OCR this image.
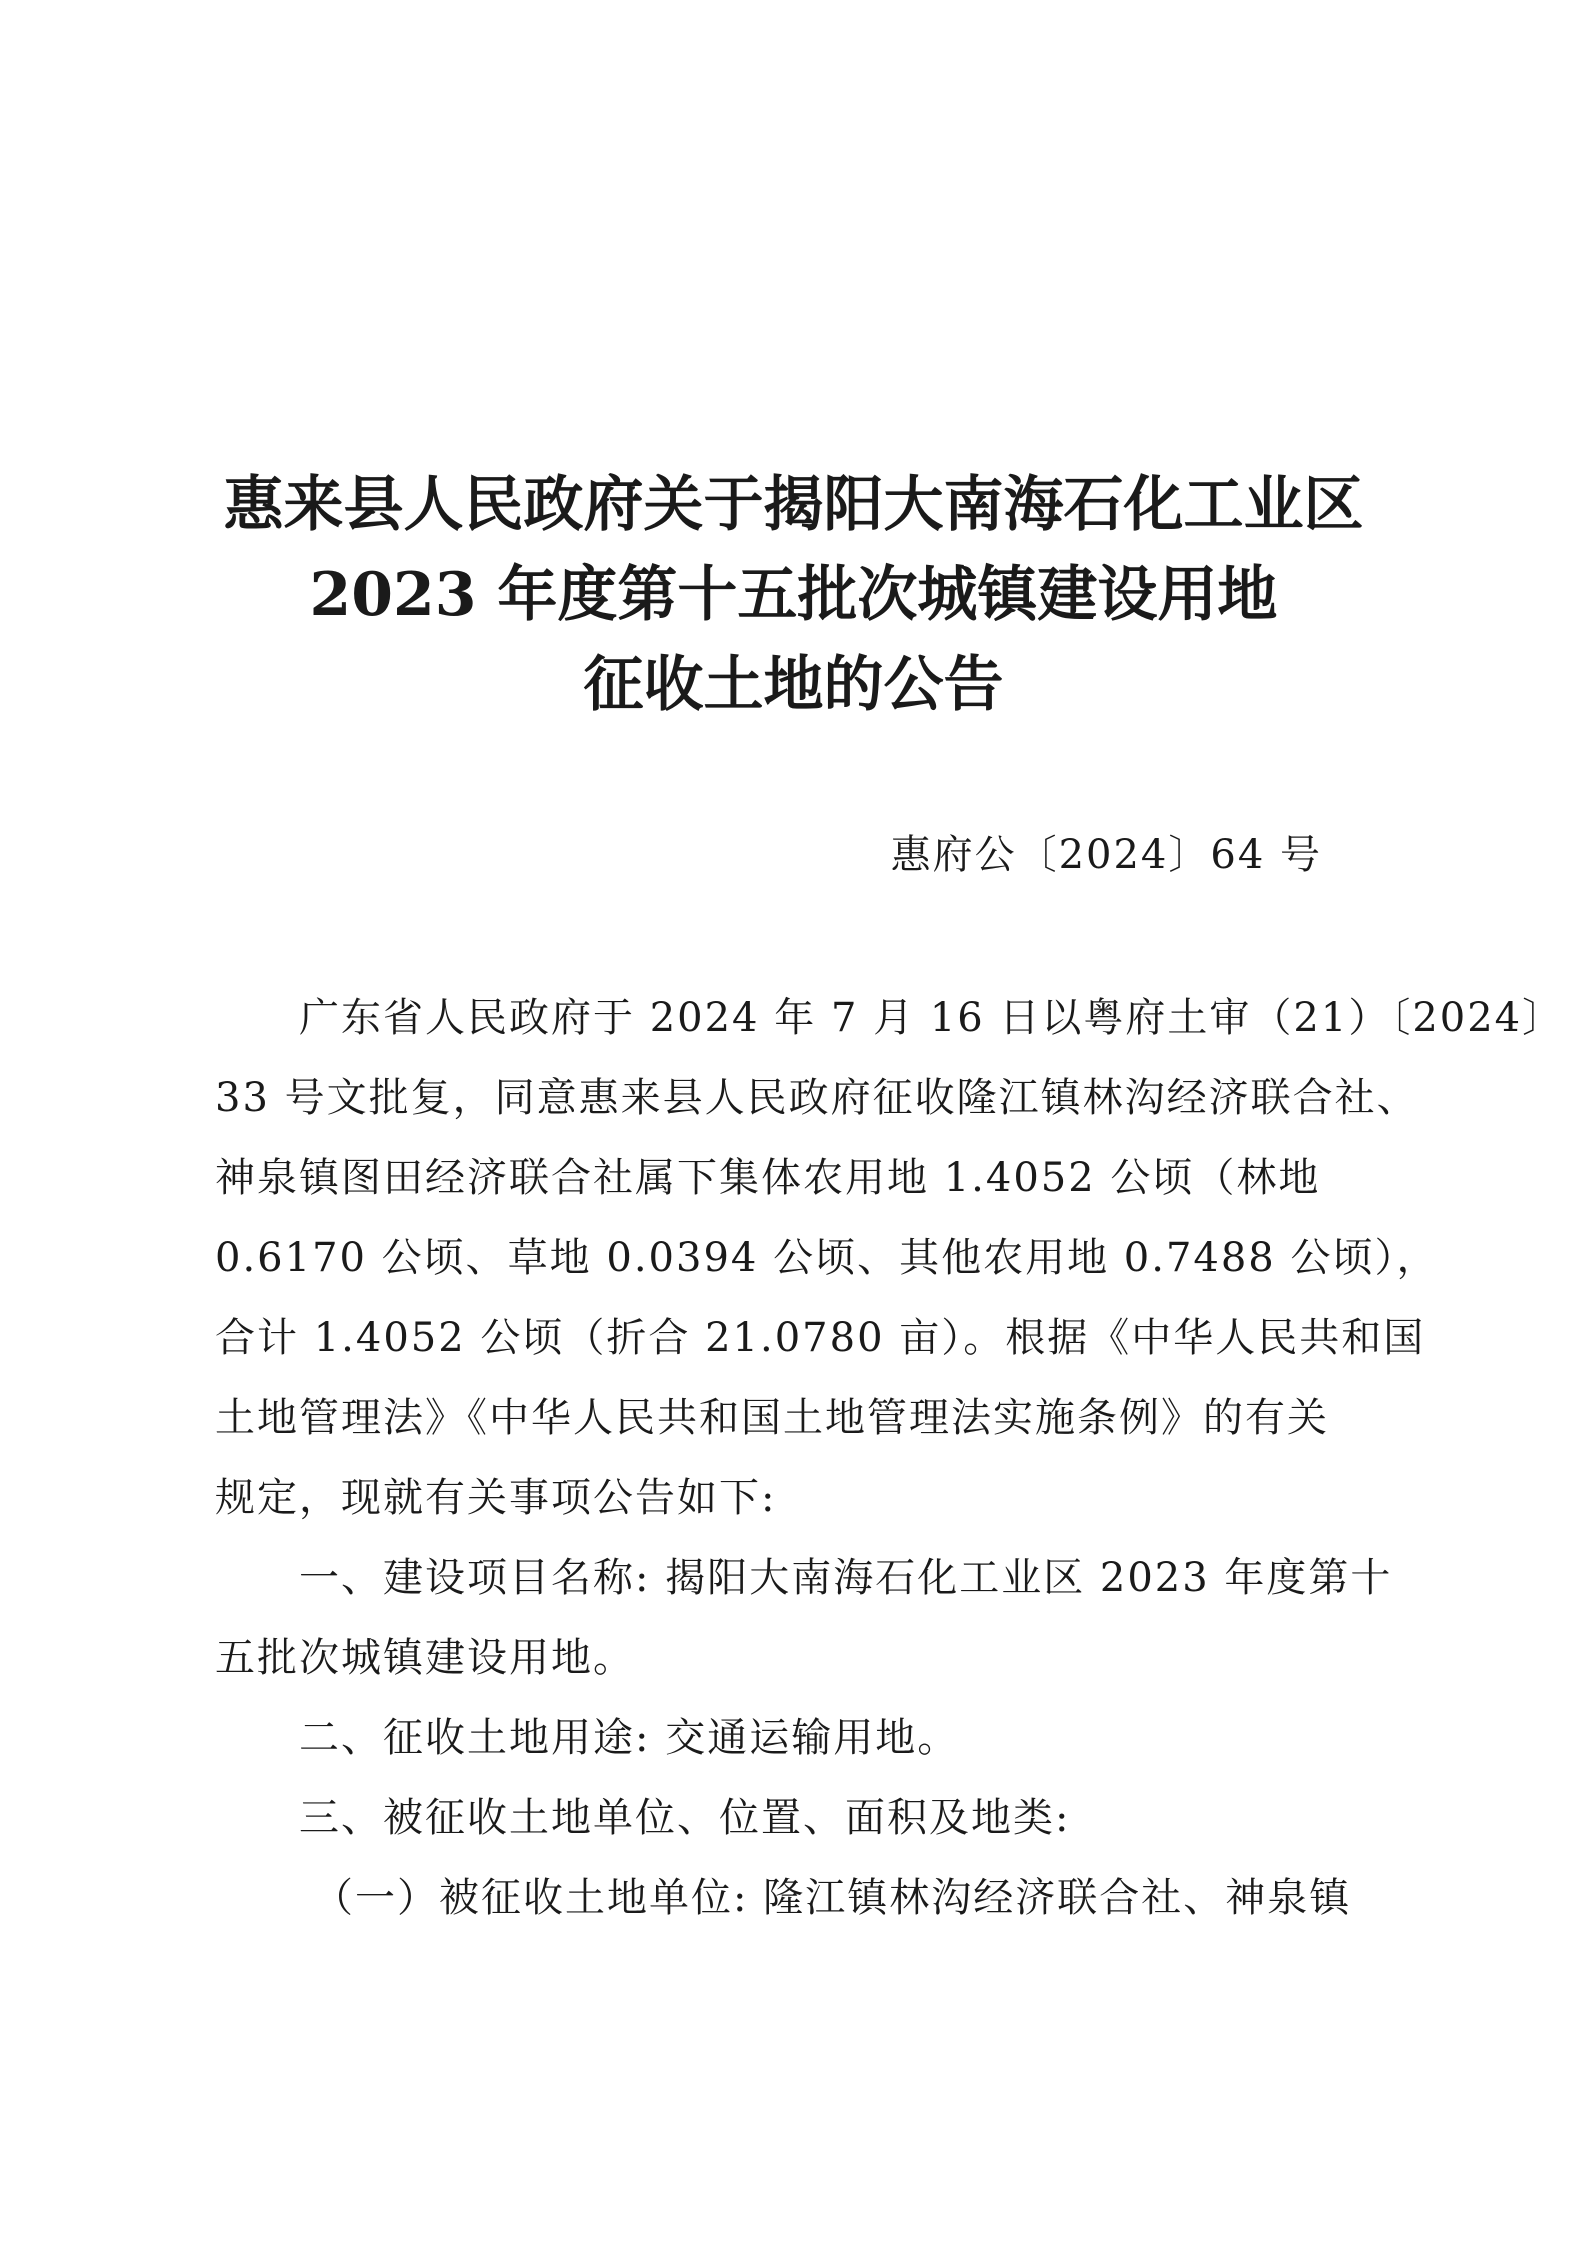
惠来县人民政府关于揭阳大南海石化工业区
2023 年度第十五批次城镇建设用地
征收土地的公告
惠府公〔2024〕64 号
广东省人民政府于 2024 年 7 月 16 日以粤府土审（21）〔2024〕
33 号文批复，同意惠来县人民政府征收隆江镇林沟经济联合社、
神泉镇图田经济联合社属下集体农用地 1.4052 公顷（林地
0.6170 公顷、草地 0.0394 公顷、其他农用地 0.7488 公顷），
合计 1.4052 公顷（折合 21.0780 亩）。根据《中华人民共和国
土地管理法》《中华人民共和国土地管理法实施条例》的有关
规定，现就有关事项公告如下:
一、建设项目名称: 揭阳大南海石化工业区 2023 年度第十
五批次城镇建设用地。
二、征收土地用途: 交通运输用地。
三、被征收土地单位、位置、面积及地类:
（一）被征收土地单位: 隆江镇林沟经济联合社、神泉镇
